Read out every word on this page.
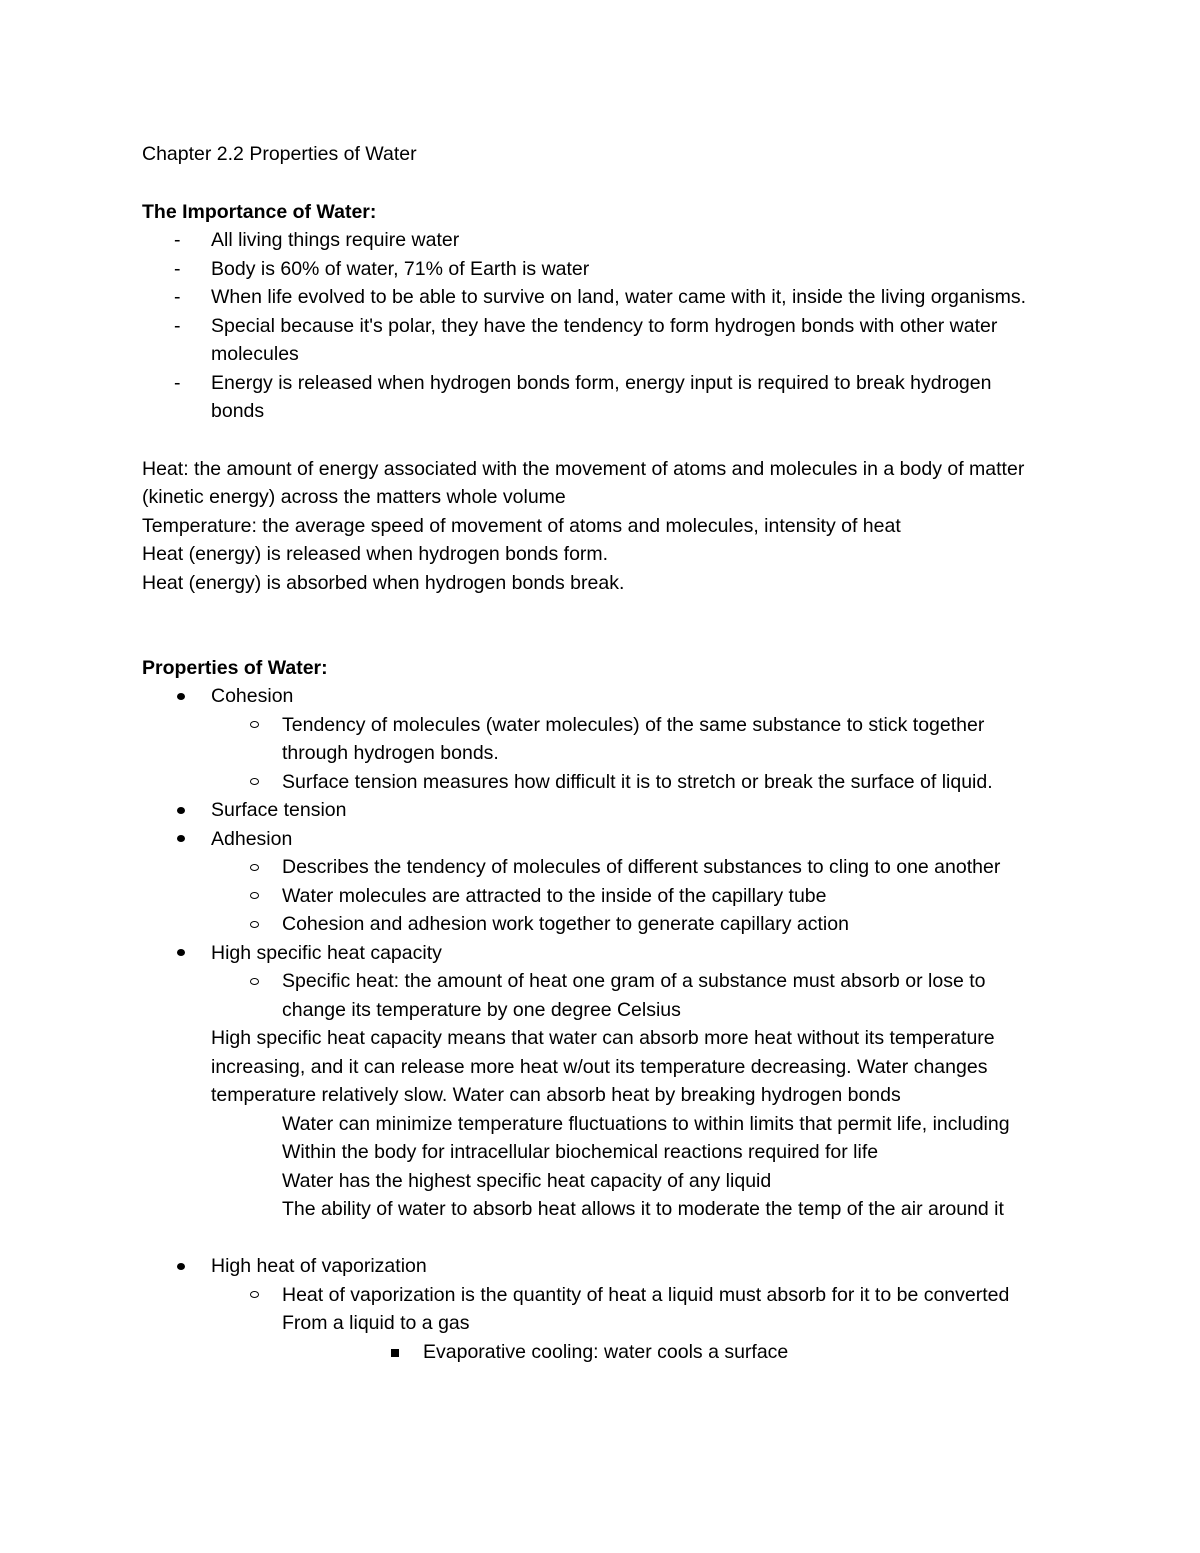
Chapter 2.2 Properties of Water
The Importance of Water:
- All living things require water
- Body is 60% of water, 71% of Earth is water
- When life evolved to be able to survive on land, water came with it, inside the living organisms.
- Special because it's polar, they have the tendency to form hydrogen bonds with other water
molecules
- Energy is released when hydrogen bonds form, energy input is required to break hydrogen
bonds
Heat: the amount of energy associated with the movement of atoms and molecules in a body of matter
(kinetic energy) across the matters whole volume
Temperature: the average speed of movement of atoms and molecules, intensity of heat
Heat (energy) is released when hydrogen bonds form.
Heat (energy) is absorbed when hydrogen bonds break.
Properties of Water:
Cohesion
Tendency of molecules (water molecules) of the same substance to stick together
through hydrogen bonds.
Surface tension measures how difficult it is to stretch or break the surface of liquid.
Surface tension
Adhesion
Describes the tendency of molecules of different substances to cling to one another
Water molecules are attracted to the inside of the capillary tube
Cohesion and adhesion work together to generate capillary action
High specific heat capacity
Specific heat: the amount of heat one gram of a substance must absorb or lose to
change its temperature by one degree Celsius
High specific heat capacity means that water can absorb more heat without its temperature
increasing, and it can release more heat w/out its temperature decreasing. Water changes
temperature relatively slow. Water can absorb heat by breaking hydrogen bonds
Water can minimize temperature fluctuations to within limits that permit life, including
Within the body for intracellular biochemical reactions required for life
Water has the highest specific heat capacity of any liquid
The ability of water to absorb heat allows it to moderate the temp of the air around it
High heat of vaporization
Heat of vaporization is the quantity of heat a liquid must absorb for it to be converted
From a liquid to a gas
Evaporative cooling: water cools a surface
